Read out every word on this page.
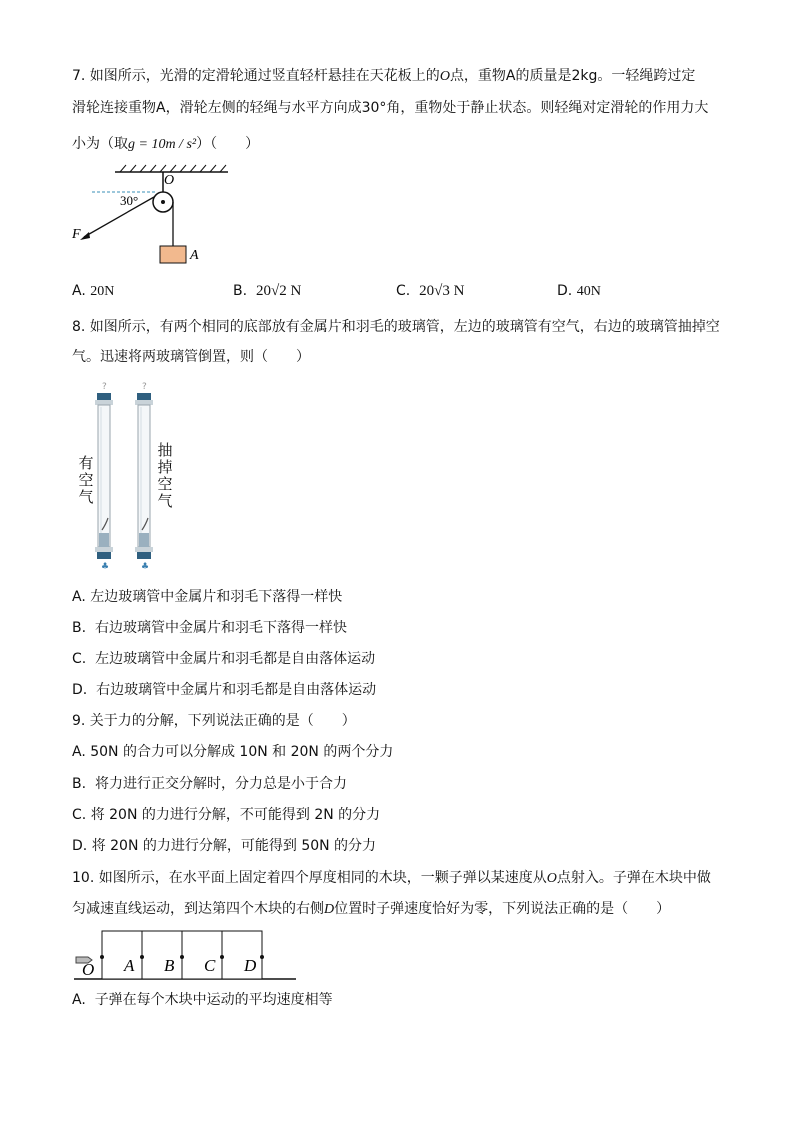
7. 如图所示，光滑的定滑轮通过竖直轻杆悬挂在天花板上的O点，重物A的质量是2kg。一轻绳跨过定
滑轮连接重物A，滑轮左侧的轻绳与水平方向成30°角，重物处于静止状态。则轻绳对定滑轮的作用力大
小为（取g = 10m / s²）（　　）
O
30°
F
A
A. 20N	B. 20√2 N	C. 20√3 N	D. 40N
8. 如图所示，有两个相同的底部放有金属片和羽毛的玻璃管，左边的玻璃管有空气，右边的玻璃管抽掉空
气。迅速将两玻璃管倒置，则（　　）
?
♣
?
♣
有空气
抽掉空气
A. 左边玻璃管中金属片和羽毛下落得一样快
B. 右边玻璃管中金属片和羽毛下落得一样快
C. 左边玻璃管中金属片和羽毛都是自由落体运动
D. 右边玻璃管中金属片和羽毛都是自由落体运动
9. 关于力的分解，下列说法正确的是（　　）
A. 50N 的合力可以分解成 10N 和 20N 的两个分力
B. 将力进行正交分解时，分力总是小于合力
C. 将 20N 的力进行分解，不可能得到 2N 的分力
D. 将 20N 的力进行分解，可能得到 50N 的分力
10. 如图所示，在水平面上固定着四个厚度相同的木块，一颗子弹以某速度从O点射入。子弹在木块中做
匀减速直线运动，到达第四个木块的右侧D位置时子弹速度恰好为零，下列说法正确的是（　　）
O A B C D
A. 子弹在每个木块中运动的平均速度相等
